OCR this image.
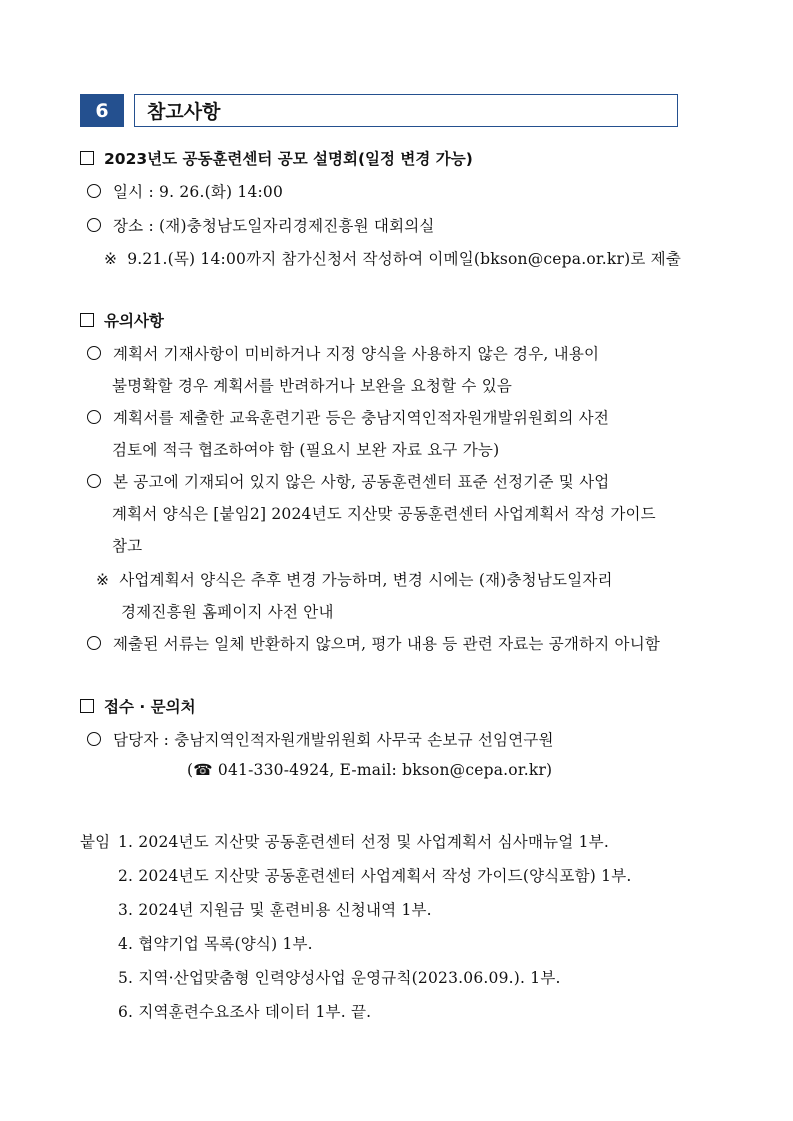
6	참고사항
2023년도 공동훈련센터 공모 설명회(일정 변경 가능)
일시 : 9. 26.(화) 14:00
장소 : (재)충청남도일자리경제진흥원 대회의실
※ 9.21.(목) 14:00까지 참가신청서 작성하여 이메일(bkson@cepa.or.kr)로 제출
유의사항
계획서 기재사항이 미비하거나 지정 양식을 사용하지 않은 경우, 내용이
불명확할 경우 계획서를 반려하거나 보완을 요청할 수 있음
계획서를 제출한 교육훈련기관 등은 충남지역인적자원개발위원회의 사전
검토에 적극 협조하여야 함 (필요시 보완 자료 요구 가능)
본 공고에 기재되어 있지 않은 사항, 공동훈련센터 표준 선정기준 및 사업
계획서 양식은 [붙임2] 2024년도 지산맞 공동훈련센터 사업계획서 작성 가이드
참고
※ 사업계획서 양식은 추후 변경 가능하며, 변경 시에는 (재)충청남도일자리
경제진흥원 홈페이지 사전 안내
제출된 서류는 일체 반환하지 않으며, 평가 내용 등 관련 자료는 공개하지 아니함
접수 · 문의처
담당자 : 충남지역인적자원개발위원회 사무국 손보규 선임연구원
(☎ 041-330-4924, E-mail: bkson@cepa.or.kr)
붙임 1. 2024년도 지산맞 공동훈련센터 선정 및 사업계획서 심사매뉴얼 1부.
2. 2024년도 지산맞 공동훈련센터 사업계획서 작성 가이드(양식포함) 1부.
3. 2024년 지원금 및 훈련비용 신청내역 1부.
4. 협약기업 목록(양식) 1부.
5. 지역·산업맞춤형 인력양성사업 운영규칙(2023.06.09.). 1부.
6. 지역훈련수요조사 데이터 1부. 끝.
